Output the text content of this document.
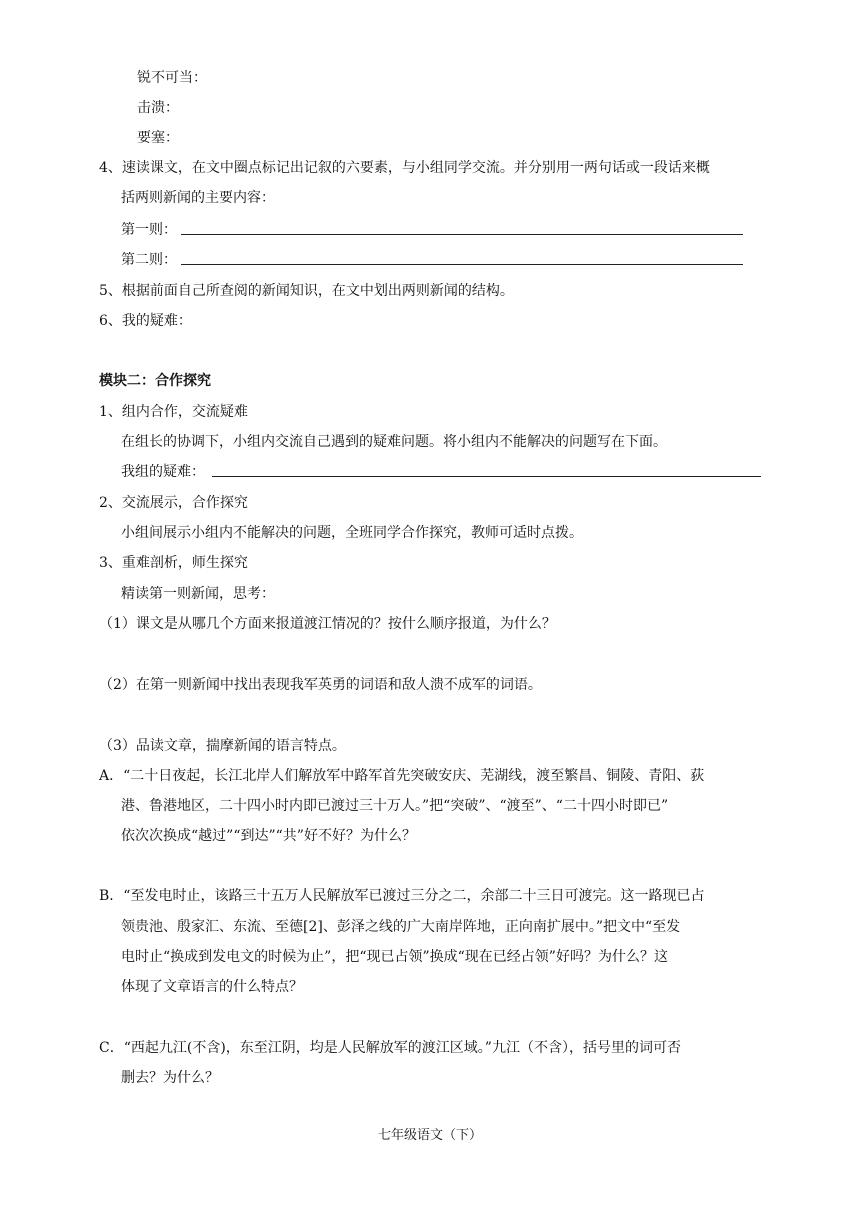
锐不可当：
击溃：
要塞：
4、速读课文，在文中圈点标记出记叙的六要素，与小组同学交流。并分别用一两句话或一段话来概
括两则新闻的主要内容：
第一则：
第二则：
5、根据前面自己所查阅的新闻知识，在文中划出两则新闻的结构。
6、我的疑难：
模块二：合作探究
1、组内合作，交流疑难
在组长的协调下，小组内交流自己遇到的疑难问题。将小组内不能解决的问题写在下面。
我组的疑难：
2、交流展示，合作探究
小组间展示小组内不能解决的问题，全班同学合作探究，教师可适时点拨。
3、重难剖析，师生探究
精读第一则新闻，思考：
（1）课文是从哪几个方面来报道渡江情况的？按什么顺序报道，为什么？
（2）在第一则新闻中找出表现我军英勇的词语和敌人溃不成军的词语。
（3）品读文章，揣摩新闻的语言特点。
A．“二十日夜起，长江北岸人们解放军中路军首先突破安庆、芜湖线，渡至繁昌、铜陵、青阳、荻
港、鲁港地区，二十四小时内即已渡过三十万人。”把“突破”、“渡至”、“二十四小时即已”
依次次换成“越过”“到达”“共”好不好？为什么？
B．“至发电时止，该路三十五万人民解放军已渡过三分之二，余部二十三日可渡完。这一路现已占
领贵池、殷家汇、东流、至德[2]、彭泽之线的广大南岸阵地，正向南扩展中。”把文中“至发
电时止“换成到发电文的时候为止”，把“现已占领”换成“现在已经占领”好吗？为什么？这
体现了文章语言的什么特点？
C．“西起九江(不含)，东至江阴，均是人民解放军的渡江区域。”九江（不含），括号里的词可否
删去？为什么？
七年级语文（下）
